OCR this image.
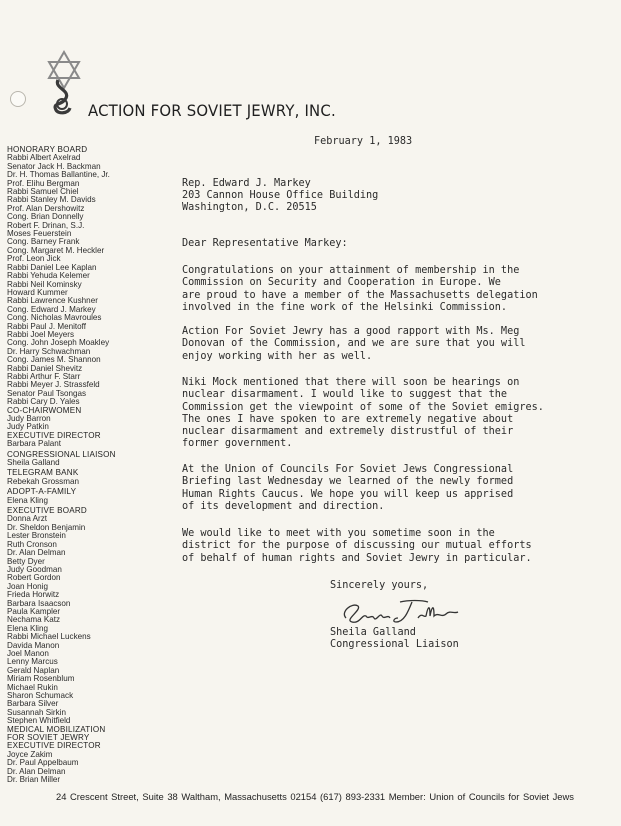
ACTION FOR SOVIET JEWRY, INC.
HONORARY BOARD
Rabbi Albert Axelrad
Senator Jack H. Backman
Dr. H. Thomas Ballantine, Jr.
Prof. Elihu Bergman
Rabbi Samuel Chiel
Rabbi Stanley M. Davids
Prof. Alan Dershowitz
Cong. Brian Donnelly
Robert F. Drinan, S.J.
Moses Feuerstein
Cong. Barney Frank
Cong. Margaret M. Heckler
Prof. Leon Jick
Rabbi Daniel Lee Kaplan
Rabbi Yehuda Kelemer
Rabbi Neil Kominsky
Howard Kummer
Rabbi Lawrence Kushner
Cong. Edward J. Markey
Cong. Nicholas Mavroules
Rabbi Paul J. Menitoff
Rabbi Joel Meyers
Cong. John Joseph Moakley
Dr. Harry Schwachman
Cong. James M. Shannon
Rabbi Daniel Shevitz
Rabbi Arthur F. Starr
Rabbi Meyer J. Strassfeld
Senator Paul Tsongas
Rabbi Cary D. Yales
CO-CHAIRWOMEN
Judy Barron
Judy Patkin
EXECUTIVE DIRECTOR
Barbara Palant
CONGRESSIONAL LIAISON
Sheila Galland
TELEGRAM BANK
Rebekah Grossman
ADOPT-A-FAMILY
Elena Kling
EXECUTIVE BOARD
Donna Arzt
Dr. Sheldon Benjamin
Lester Bronstein
Ruth Cronson
Dr. Alan Delman
Betty Dyer
Judy Goodman
Robert Gordon
Joan Honig
Frieda Horwitz
Barbara Isaacson
Paula Kampler
Nechama Katz
Elena Kling
Rabbi Michael Luckens
Davida Manon
Joel Manon
Lenny Marcus
Gerald Naplan
Miriam Rosenblum
Michael Rukin
Sharon Schumack
Barbara Silver
Susannah Sirkin
Stephen Whitfield
MEDICAL MOBILIZATION
FOR SOVIET JEWRY
EXECUTIVE DIRECTOR
Joyce Zakim
Dr. Paul Appelbaum
Dr. Alan Delman
Dr. Brian Miller
February 1, 1983
Rep. Edward J. Markey
203 Cannon House Office Building
Washington, D.C. 20515
Dear Representative Markey:
Congratulations on your attainment of membership in the
Commission on Security and Cooperation in Europe. We
are proud to have a member of the Massachusetts delegation
involved in the fine work of the Helsinki Commission.
Action For Soviet Jewry has a good rapport with Ms. Meg
Donovan of the Commission, and we are sure that you will
enjoy working with her as well.
Niki Mock mentioned that there will soon be hearings on
nuclear disarmament. I would like to suggest that the
Commission get the viewpoint of some of the Soviet emigres.
The ones I have spoken to are extremely negative about
nuclear disarmament and extremely distrustful of their
former government.
At the Union of Councils For Soviet Jews Congressional
Briefing last Wednesday we learned of the newly formed
Human Rights Caucus. We hope you will keep us apprised
of its development and direction.
We would like to meet with you sometime soon in the
district for the purpose of discussing our mutual efforts
of behalf of human rights and Soviet Jewry in particular.
Sincerely yours,
Sheila Galland
Congressional Liaison
24 Crescent Street, Suite 38 Waltham, Massachusetts 02154 (617) 893-2331 Member: Union of Councils for Soviet Jews
